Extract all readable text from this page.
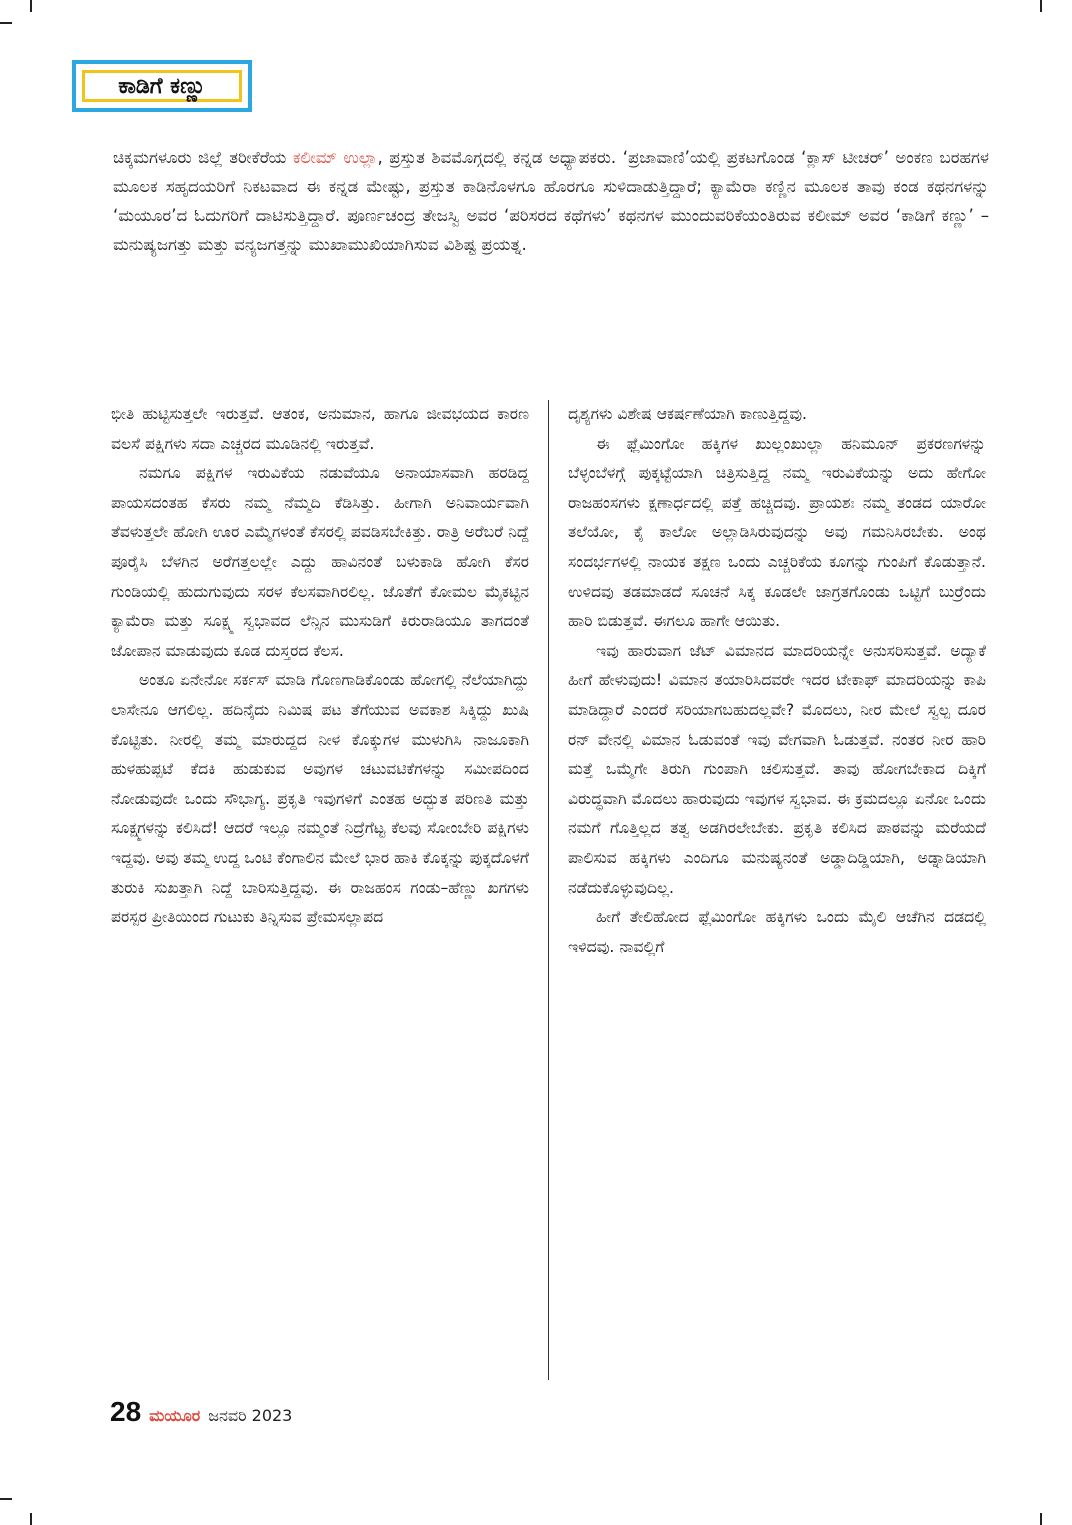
ಕಾಡಿಗೆ ಕಣ್ಣು
ಚಿಕ್ಕಮಗಳೂರು ಜಿಲ್ಲೆ ತರೀಕೆರೆಯ ಕಲೀಮ್ ಉಲ್ಲಾ, ಪ್ರಸ್ತುತ ಶಿವಮೊಗ್ಗದಲ್ಲಿ ಕನ್ನಡ ಅಧ್ಯಾಪಕರು. ‘ಪ್ರಜಾವಾಣಿ’ಯಲ್ಲಿ ಪ್ರಕಟಗೊಂಡ ‘ಕ್ಲಾಸ್ ಟೀಚರ್’ ಅಂಕಣ ಬರಹಗಳ ಮೂಲಕ ಸಹೃದಯರಿಗೆ ನಿಕಟವಾದ ಈ ಕನ್ನಡ ಮೇಷ್ಟು, ಪ್ರಸ್ತುತ ಕಾಡಿನೊಳಗೂ ಹೊರಗೂ ಸುಳಿದಾಡುತ್ತಿದ್ದಾರೆ; ಕ್ಯಾಮೆರಾ ಕಣ್ಣಿನ ಮೂಲಕ ತಾವು ಕಂಡ ಕಥನಗಳನ್ನು ‘ಮಯೂರ’ದ ಓದುಗರಿಗೆ ದಾಟಿಸುತ್ತಿದ್ದಾರೆ. ಪೂರ್ಣಚಂದ್ರ ತೇಜಸ್ವಿ ಅವರ ‘ಪರಿಸರದ ಕಥೆಗಳು’ ಕಥನಗಳ ಮುಂದುವರಿಕೆಯಂತಿರುವ ಕಲೀಮ್ ಅವರ ‘ಕಾಡಿಗೆ ಕಣ್ಣು’ – ಮನುಷ್ಯಜಗತ್ತು ಮತ್ತು ವನ್ಯಜಗತ್ತನ್ನು ಮುಖಾಮುಖಿಯಾಗಿಸುವ ವಿಶಿಷ್ಟ ಪ್ರಯತ್ನ.

ಭೀತಿ ಹುಟ್ಟಿಸುತ್ತಲೇ ಇರುತ್ತವೆ. ಆತಂಕ, ಅನುಮಾನ, ಹಾಗೂ ಜೀವಭಯದ ಕಾರಣ ವಲಸೆ ಪಕ್ಷಿಗಳು ಸದಾ ಎಚ್ಚರದ ಮೂಡಿನಲ್ಲಿ ಇರುತ್ತವೆ.

ನಮಗೂ ಪಕ್ಷಿಗಳ ಇರುವಿಕೆಯ ನಡುವೆಯೂ ಅನಾಯಾಸವಾಗಿ ಹರಡಿದ್ದ ಪಾಯಸದಂತಹ ಕೆಸರು ನಮ್ಮ ನೆಮ್ಮದಿ ಕೆಡಿಸಿತ್ತು. ಹೀಗಾಗಿ ಅನಿವಾರ್ಯವಾಗಿ ತೆವಳುತ್ತಲೇ ಹೋಗಿ ಊರ ಎಮ್ಮೆಗಳಂತೆ ಕೆಸರಲ್ಲಿ ಪವಡಿಸಬೇಕಿತ್ತು. ರಾತ್ರಿ ಅರೆಬರೆ ನಿದ್ದೆ ಪೂರೈಸಿ ಬೆಳಗಿನ ಅರೆಗತ್ತಲಲ್ಲೇ ಎದ್ದು ಹಾವಿನಂತೆ ಬಳುಕಾಡಿ ಹೋಗಿ ಕೆಸರ ಗುಂಡಿಯಲ್ಲಿ ಹುದುಗುವುದು ಸರಳ ಕೆಲಸವಾಗಿರಲಿಲ್ಲ. ಜೊತೆಗೆ ಕೋಮಲ ಮೈಕಟ್ಟಿನ ಕ್ಯಾಮೆರಾ ಮತ್ತು ಸೂಕ್ಷ್ಮ ಸ್ವಭಾವದ ಲೆನ್ಸಿನ ಮುಸುಡಿಗೆ ಕಿರುರಾಡಿಯೂ ತಾಗದಂತೆ ಜೋಪಾನ ಮಾಡುವುದು ಕೂಡ ದುಸ್ತರದ ಕೆಲಸ.

ಅಂತೂ ಏನೇನೋ ಸರ್ಕಸ್ ಮಾಡಿ ಗೊಣಗಾಡಿಕೊಂಡು ಹೋಗಲ್ಲಿ ನೆಲೆಯಾಗಿದ್ದು ಲಾಸೇನೂ ಆಗಲಿಲ್ಲ. ಹದಿನೈದು ನಿಮಿಷ ಪಟ ತೆಗೆಯುವ ಅವಕಾಶ ಸಿಕ್ಕಿದ್ದು ಖುಷಿ ಕೊಟ್ಟಿತು. ನೀರಲ್ಲಿ ತಮ್ಮ ಮಾರುದ್ದದ ನೀಳ ಕೊಕ್ಕುಗಳ ಮುಳುಗಿಸಿ ನಾಜೂಕಾಗಿ ಹುಳಹುಪ್ಪಟೆ ಕೆದಕಿ ಹುಡುಕುವ ಅವುಗಳ ಚಟುವಟಿಕೆಗಳನ್ನು ಸಮೀಪದಿಂದ ನೋಡುವುದೇ ಒಂದು ಸೌಭಾಗ್ಯ. ಪ್ರಕೃತಿ ಇವುಗಳಿಗೆ ಎಂತಹ ಅದ್ಭುತ ಪರಿಣತಿ ಮತ್ತು ಸೂಕ್ಷ್ಮಗಳನ್ನು ಕಲಿಸಿದೆ! ಆದರೆ ಇಲ್ಲೂ ನಮ್ಮಂತೆ ನಿದ್ರೆಗೆಟ್ಟ ಕೆಲವು ಸೋಂಬೇರಿ ಪಕ್ಷಿಗಳು ಇದ್ದವು. ಅವು ತಮ್ಮ ಉದ್ದ ಒಂಟಿ ಕೆಂಗಾಲಿನ ಮೇಲೆ ಭಾರ ಹಾಕಿ ಕೊಕ್ಕನ್ನು ಪುಕ್ಕದೊಳಗೆ ತುರುಕಿ ಸುಖತ್ತಾಗಿ ನಿದ್ದೆ ಬಾರಿಸುತ್ತಿದ್ದವು. ಈ ರಾಜಹಂಸ ಗಂಡು–ಹೆಣ್ಣು ಖಗಗಳು ಪರಸ್ಪರ ಪ್ರೀತಿಯಿಂದ ಗುಟುಕು ತಿನ್ನಿಸುವ ಪ್ರೇಮಸಲ್ಲಾಪದ

ದೃಶ್ಯಗಳು ವಿಶೇಷ ಆಕರ್ಷಣೆಯಾಗಿ ಕಾಣುತ್ತಿದ್ದವು.

ಈ ಫ್ಲೆಮಿಂಗೋ ಹಕ್ಕಿಗಳ ಖುಲ್ಲಂಖುಲ್ಲಾ ಹನಿಮೂನ್ ಪ್ರಕರಣಗಳನ್ನು ಬೆಳ್ಳಂಬೆಳಗ್ಗೆ ಪುಕ್ಕಟ್ಟೆಯಾಗಿ ಚಿತ್ರಿಸುತ್ತಿದ್ದ ನಮ್ಮ ಇರುವಿಕೆಯನ್ನು ಅದು ಹೇಗೋ ರಾಜಹಂಸಗಳು ಕ್ಷಣಾರ್ಧದಲ್ಲಿ ಪತ್ತೆ ಹಚ್ಚಿದವು. ಪ್ರಾಯಶಃ ನಮ್ಮ ತಂಡದ ಯಾರೋ ತಲೆಯೋ, ಕೈ ಕಾಲೋ ಅಲ್ಲಾಡಿಸಿರುವುದನ್ನು ಅವು ಗಮನಿಸಿರಬೇಕು. ಅಂಥ ಸಂದರ್ಭಗಳಲ್ಲಿ ನಾಯಕ ತಕ್ಷಣ ಒಂದು ಎಚ್ಚರಿಕೆಯ ಕೂಗನ್ನು ಗುಂಪಿಗೆ ಕೊಡುತ್ತಾನೆ. ಉಳಿದವು ತಡಮಾಡದೆ ಸೂಚನೆ ಸಿಕ್ಕ ಕೂಡಲೇ ಜಾಗ್ರತಗೊಂಡು ಒಟ್ಟಿಗೆ ಬುರ್ರೆಂದು ಹಾರಿ ಬಿಡುತ್ತವೆ. ಈಗಲೂ ಹಾಗೇ ಆಯಿತು.

ಇವು ಹಾರುವಾಗ ಜೆಟ್ ವಿಮಾನದ ಮಾದರಿಯನ್ನೇ ಅನುಸರಿಸುತ್ತವೆ. ಅದ್ಯಾಕೆ ಹೀಗೆ ಹೇಳುವುದು! ವಿಮಾನ ತಯಾರಿಸಿದವರೇ ಇದರ ಟೇಕಾಫ್ ಮಾದರಿಯನ್ನು ಕಾಪಿ ಮಾಡಿದ್ದಾರೆ ಎಂದರೆ ಸರಿಯಾಗಬಹುದಲ್ಲವೇ? ಮೊದಲು, ನೀರ ಮೇಲೆ ಸ್ವಲ್ಪ ದೂರ ರನ್ ವೇನಲ್ಲಿ ವಿಮಾನ ಓಡುವಂತೆ ಇವು ವೇಗವಾಗಿ ಓಡುತ್ತವೆ. ನಂತರ ನೀರ ಹಾರಿ ಮತ್ತೆ ಒಮ್ಮೆಗೇ ತಿರುಗಿ ಗುಂಪಾಗಿ ಚಲಿಸುತ್ತವೆ. ತಾವು ಹೋಗಬೇಕಾದ ದಿಕ್ಕಿಗೆ ವಿರುದ್ಧವಾಗಿ ಮೊದಲು ಹಾರುವುದು ಇವುಗಳ ಸ್ವಭಾವ. ಈ ಕ್ರಮದಲ್ಲೂ ಏನೋ ಒಂದು ನಮಗೆ ಗೊತ್ತಿಲ್ಲದ ತತ್ವ ಅಡಗಿರಲೇಬೇಕು. ಪ್ರಕೃತಿ ಕಲಿಸಿದ ಪಾಠವನ್ನು ಮರೆಯದೆ ಪಾಲಿಸುವ ಹಕ್ಕಿಗಳು ಎಂದಿಗೂ ಮನುಷ್ಯನಂತೆ ಅಡ್ಡಾದಿಡ್ಡಿಯಾಗಿ, ಅಡ್ನಾಡಿಯಾಗಿ ನಡೆದುಕೊಳ್ಳುವುದಿಲ್ಲ.

ಹೀಗೆ ತೇಲಿಹೋದ ಫ್ಲೆಮಿಂಗೋ ಹಕ್ಕಿಗಳು ಒಂದು ಮೈಲಿ ಆಚೆಗಿನ ದಡದಲ್ಲಿ ಇಳಿದವು. ನಾವಲ್ಲಿಗೆ

28 ಮಯೂರ ಜನವರಿ 2023
